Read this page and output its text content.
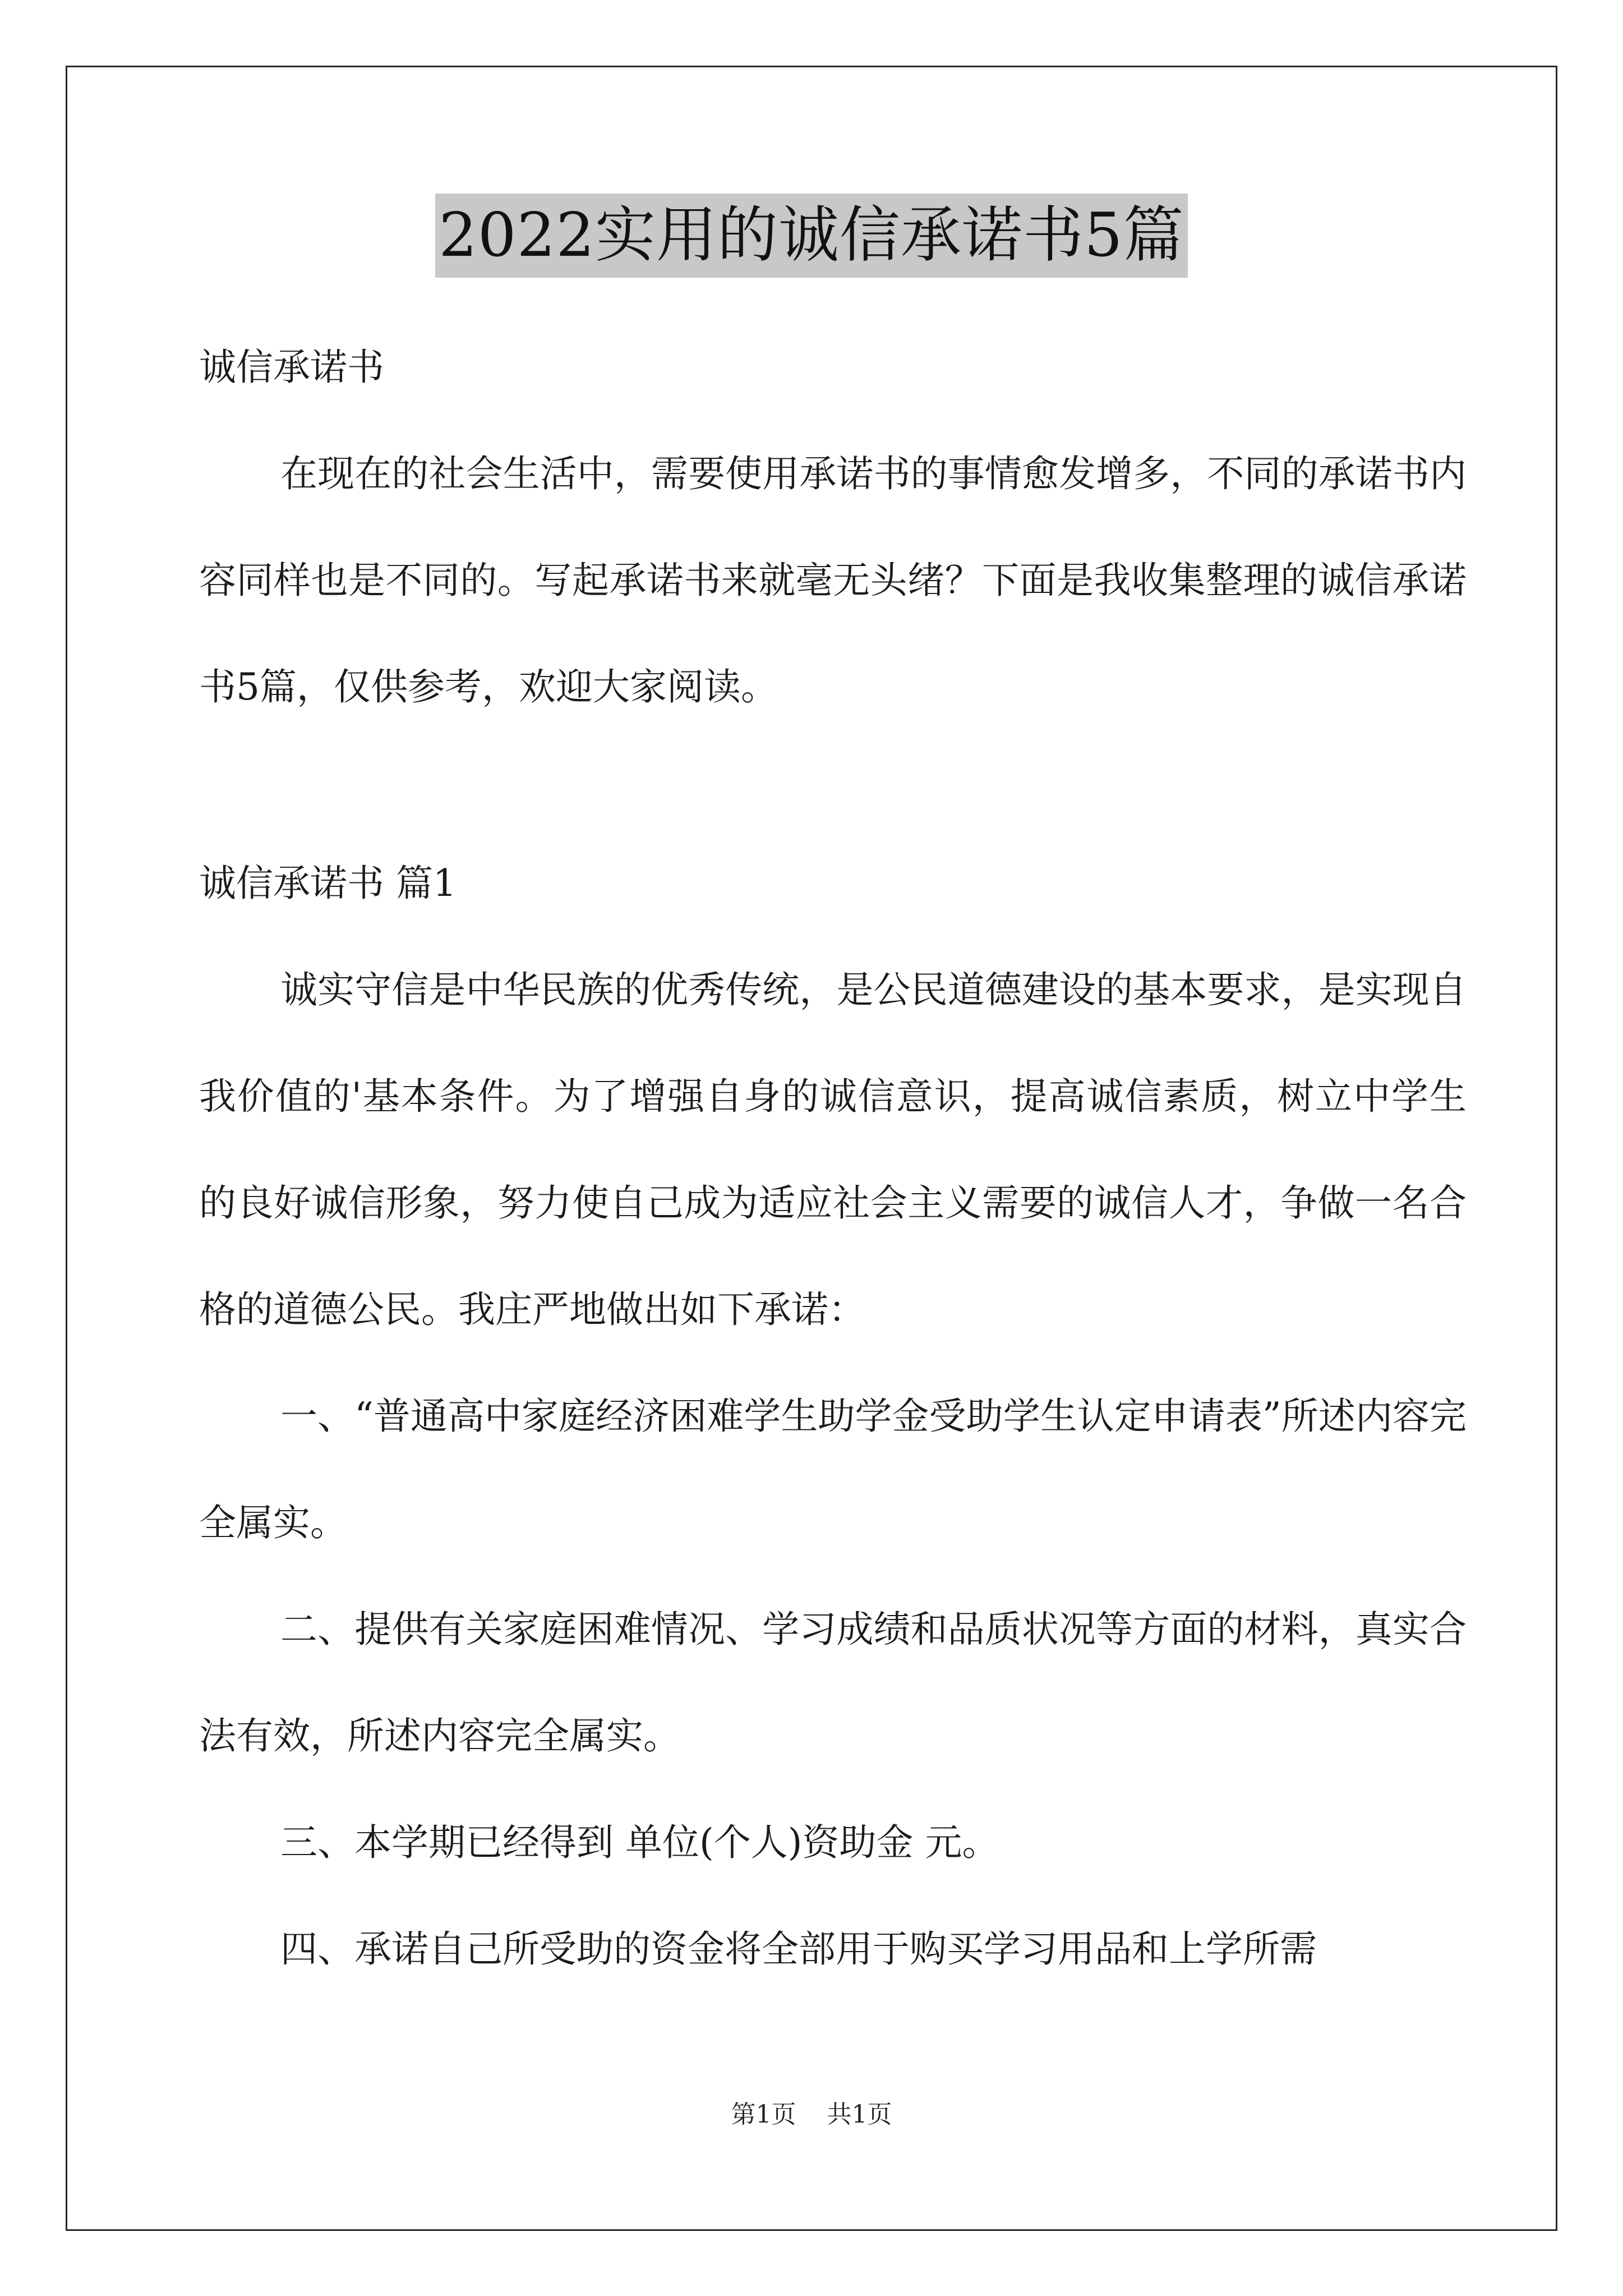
2022实用的诚信承诺书5篇

诚信承诺书

在现在的社会生活中，需要使用承诺书的事情愈发增多，不同的承诺书内容同样也是不同的。写起承诺书来就毫无头绪？下面是我收集整理的诚信承诺书5篇，仅供参考，欢迎大家阅读。

诚信承诺书 篇1

诚实守信是中华民族的优秀传统，是公民道德建设的基本要求，是实现自我价值的'基本条件。为了增强自身的诚信意识，提高诚信素质，树立中学生的良好诚信形象，努力使自己成为适应社会主义需要的诚信人才，争做一名合格的道德公民。我庄严地做出如下承诺：

一、“普通高中家庭经济困难学生助学金受助学生认定申请表”所述内容完全属实。

二、提供有关家庭困难情况、学习成绩和品质状况等方面的材料，真实合法有效，所述内容完全属实。

三、本学期已经得到 单位(个人)资助金 元。

四、承诺自己所受助的资金将全部用于购买学习用品和上学所需

第1页 共1页
